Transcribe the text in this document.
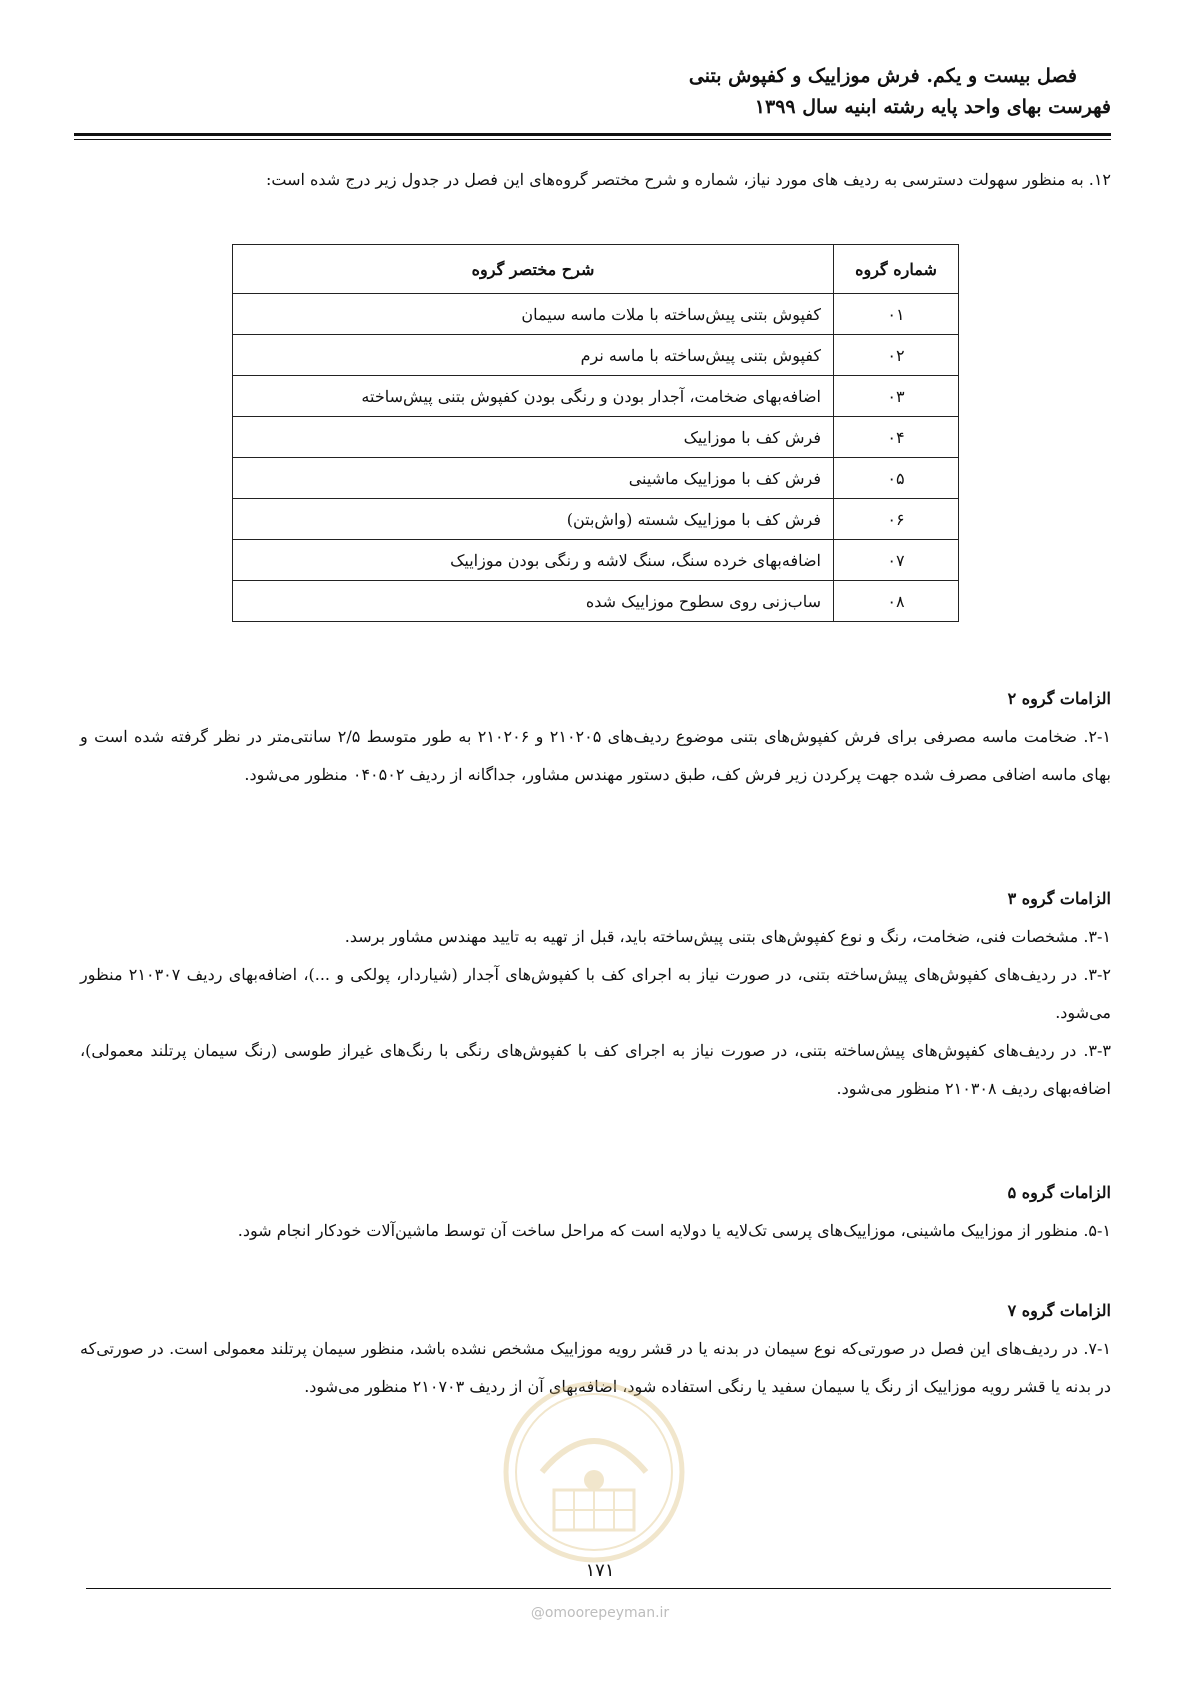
فصل بیست و یکم. فرش موزاییک و کفپوش بتنی
فهرست بهای واحد پایه رشته ابنیه سال ۱۳۹۹
۱۲. به منظور سهولت دسترسی به ردیف های مورد نیاز، شماره و شرح مختصر گروه‌های این فصل در جدول زیر درج شده است:
شماره گروه	شرح مختصر گروه
۰۱	کفپوش بتنی پیش‌ساخته با ملات ماسه سیمان
۰۲	کفپوش بتنی پیش‌ساخته با ماسه نرم
۰۳	اضافه‌بهای ضخامت، آجدار بودن و رنگی بودن کفپوش بتنی پیش‌ساخته
۰۴	فرش کف با موزاییک
۰۵	فرش کف با موزاییک ماشینی
۰۶	فرش کف با موزاییک شسته (واش‌بتن)
۰۷	اضافه‌بهای خرده سنگ، سنگ لاشه و رنگی بودن موزاییک
۰۸	ساب‌زنی روی سطوح موزاییک شده
الزامات گروه ۲

۲-۱. ضخامت ماسه مصرفی برای فرش کفپوش‌های بتنی موضوع ردیف‌های ۲۱۰۲۰۵ و ۲۱۰۲۰۶ به طور متوسط ۲/۵ سانتی‌متر در نظر گرفته شده است و بهای ماسه اضافی مصرف شده جهت پرکردن زیر فرش کف، طبق دستور مهندس مشاور، جداگانه از ردیف ۰۴۰۵۰۲ منظور می‌شود.

الزامات گروه ۳

۳-۱. مشخصات فنی، ضخامت، رنگ و نوع کفپوش‌های بتنی پیش‌ساخته باید، قبل از تهیه به تایید مهندس مشاور برسد.

۳-۲. در ردیف‌های کفپوش‌های پیش‌ساخته بتنی، در صورت نیاز به اجرای کف با کفپوش‌های آجدار (شیاردار، پولکی و ...)، اضافه‌بهای ردیف ۲۱۰۳۰۷ منظور می‌شود.

۳-۳. در ردیف‌های کفپوش‌های پیش‌ساخته بتنی، در صورت نیاز به اجرای کف با کفپوش‌های رنگی با رنگ‌های غیراز طوسی (رنگ سیمان پرتلند معمولی)، اضافه‌بهای ردیف ۲۱۰۳۰۸ منظور می‌شود.

الزامات گروه ۵

۵-۱. منظور از موزاییک ماشینی، موزاییک‌های پرسی تک‌لایه یا دولایه است که مراحل ساخت آن توسط ماشین‌آلات خودکار انجام شود.

الزامات گروه ۷

۷-۱. در ردیف‌های این فصل در صورتی‌که نوع سیمان در بدنه یا در قشر رویه موزاییک مشخص نشده باشد، منظور سیمان پرتلند معمولی است. در صورتی‌که در بدنه یا قشر رویه موزاییک از رنگ یا سیمان سفید یا رنگی استفاده شود، اضافه‌بهای آن از ردیف ۲۱۰۷۰۳ منظور می‌شود.

۱۷۱
@omoorepeyman.ir
